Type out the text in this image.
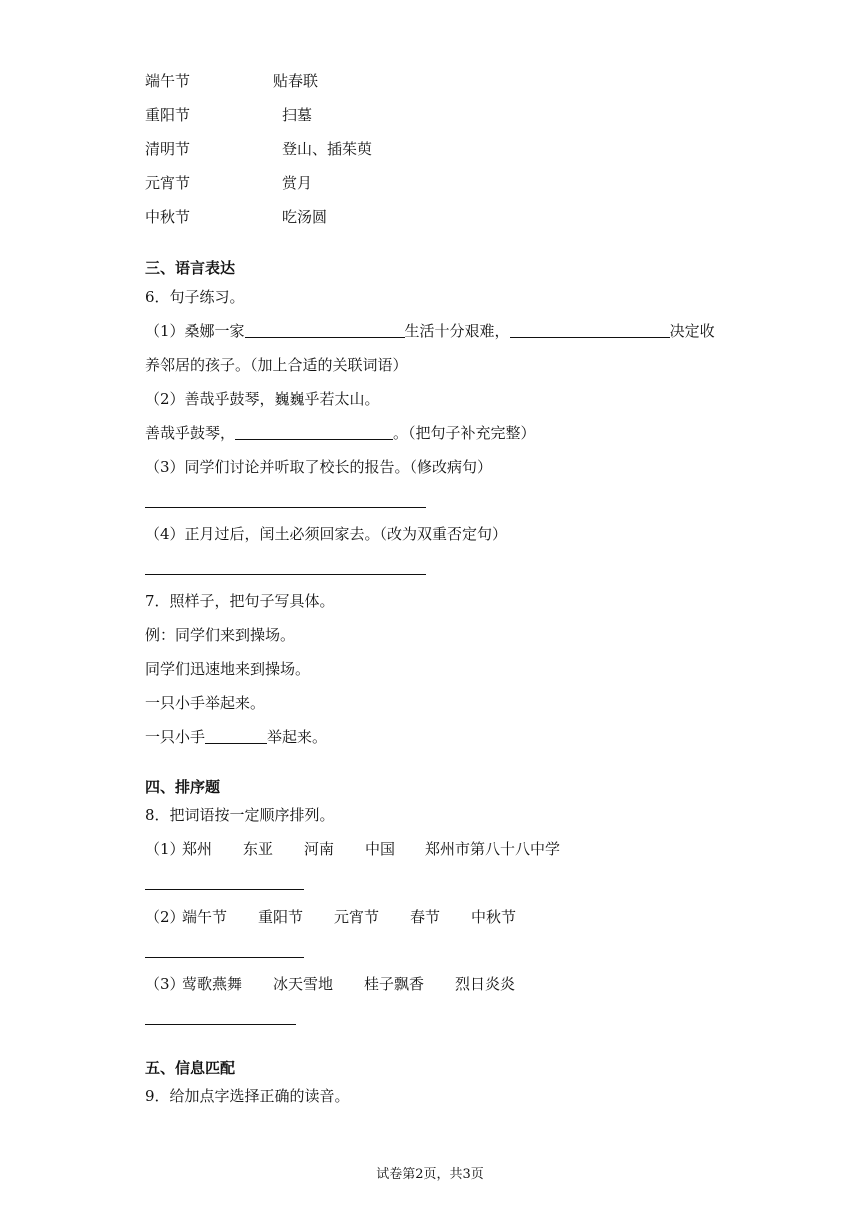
端午节	贴春联
重阳节	扫墓
清明节	登山、插茱萸
元宵节	赏月
中秋节	吃汤圆
三、语言表达
6．句子练习。
（1）桑娜一家	生活十分艰难，	决定收
养邻居的孩子。（加上合适的关联词语）
（2）善哉乎鼓琴，巍巍乎若太山。
善哉乎鼓琴，	。（把句子补充完整）
（3）同学们讨论并听取了校长的报告。（修改病句）
（4）正月过后，闰土必须回家去。（改为双重否定句）
7．照样子，把句子写具体。
例：同学们来到操场。
同学们迅速地来到操场。
一只小手举起来。
一只小手	举起来。
四、排序题
8．把词语按一定顺序排列。
（1）
郑州 东亚 河南 中国 郑州市第八十八中学
（2）
端午节 重阳节 元宵节 春节 中秋节
（3）
莺歌燕舞 冰天雪地 桂子飘香 烈日炎炎
五、信息匹配
9．给加点字选择正确的读音。
试卷第2页，共3页
